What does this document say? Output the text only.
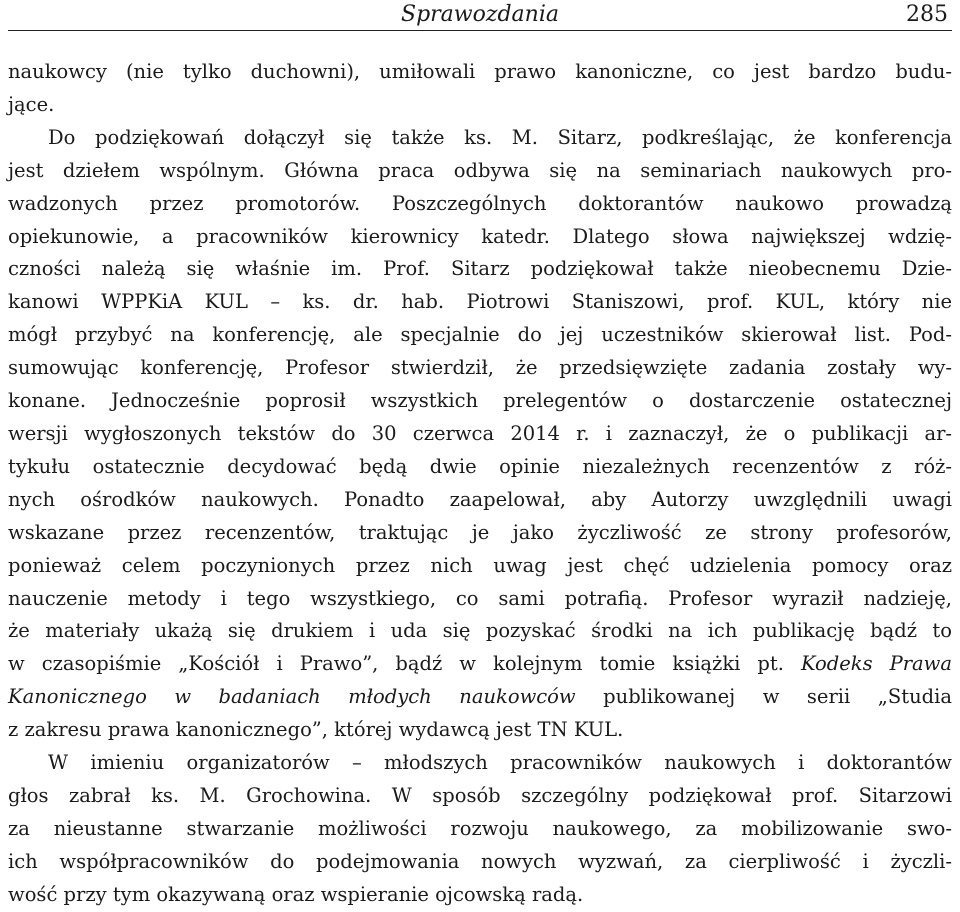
Sprawozdania	285
naukowcy (nie tylko duchowni), umiłowali prawo kanoniczne, co jest bardzo budu-
jące.
Do podziękowań dołączył się także ks. M. Sitarz, podkreślając, że konferencja
jest dziełem wspólnym. Główna praca odbywa się na seminariach naukowych pro-
wadzonych przez promotorów. Poszczególnych doktorantów naukowo prowadzą
opiekunowie, a pracowników kierownicy katedr. Dlatego słowa największej wdzię-
czności należą się właśnie im. Prof. Sitarz podziękował także nieobecnemu Dzie-
kanowi WPPKiA KUL – ks. dr. hab. Piotrowi Staniszowi, prof. KUL, który nie
mógł przybyć na konferencję, ale specjalnie do jej uczestników skierował list. Pod-
sumowując konferencję, Profesor stwierdził, że przedsięwzięte zadania zostały wy-
konane. Jednocześnie poprosił wszystkich prelegentów o dostarczenie ostatecznej
wersji wygłoszonych tekstów do 30 czerwca 2014 r. i zaznaczył, że o publikacji ar-
tykułu ostatecznie decydować będą dwie opinie niezależnych recenzentów z róż-
nych ośrodków naukowych. Ponadto zaapelował, aby Autorzy uwzględnili uwagi
wskazane przez recenzentów, traktując je jako życzliwość ze strony profesorów,
ponieważ celem poczynionych przez nich uwag jest chęć udzielenia pomocy oraz
nauczenie metody i tego wszystkiego, co sami potrafią. Profesor wyraził nadzieję,
że materiały ukażą się drukiem i uda się pozyskać środki na ich publikację bądź to
w czasopiśmie „Kościół i Prawo”, bądź w kolejnym tomie książki pt. Kodeks Prawa
Kanonicznego w badaniach młodych naukowców publikowanej w serii „Studia
z zakresu prawa kanonicznego”, której wydawcą jest TN KUL.
W imieniu organizatorów – młodszych pracowników naukowych i doktorantów
głos zabrał ks. M. Grochowina. W sposób szczególny podziękował prof. Sitarzowi
za nieustanne stwarzanie możliwości rozwoju naukowego, za mobilizowanie swo-
ich współpracowników do podejmowania nowych wyzwań, za cierpliwość i życzli-
wość przy tym okazywaną oraz wspieranie ojcowską radą.
